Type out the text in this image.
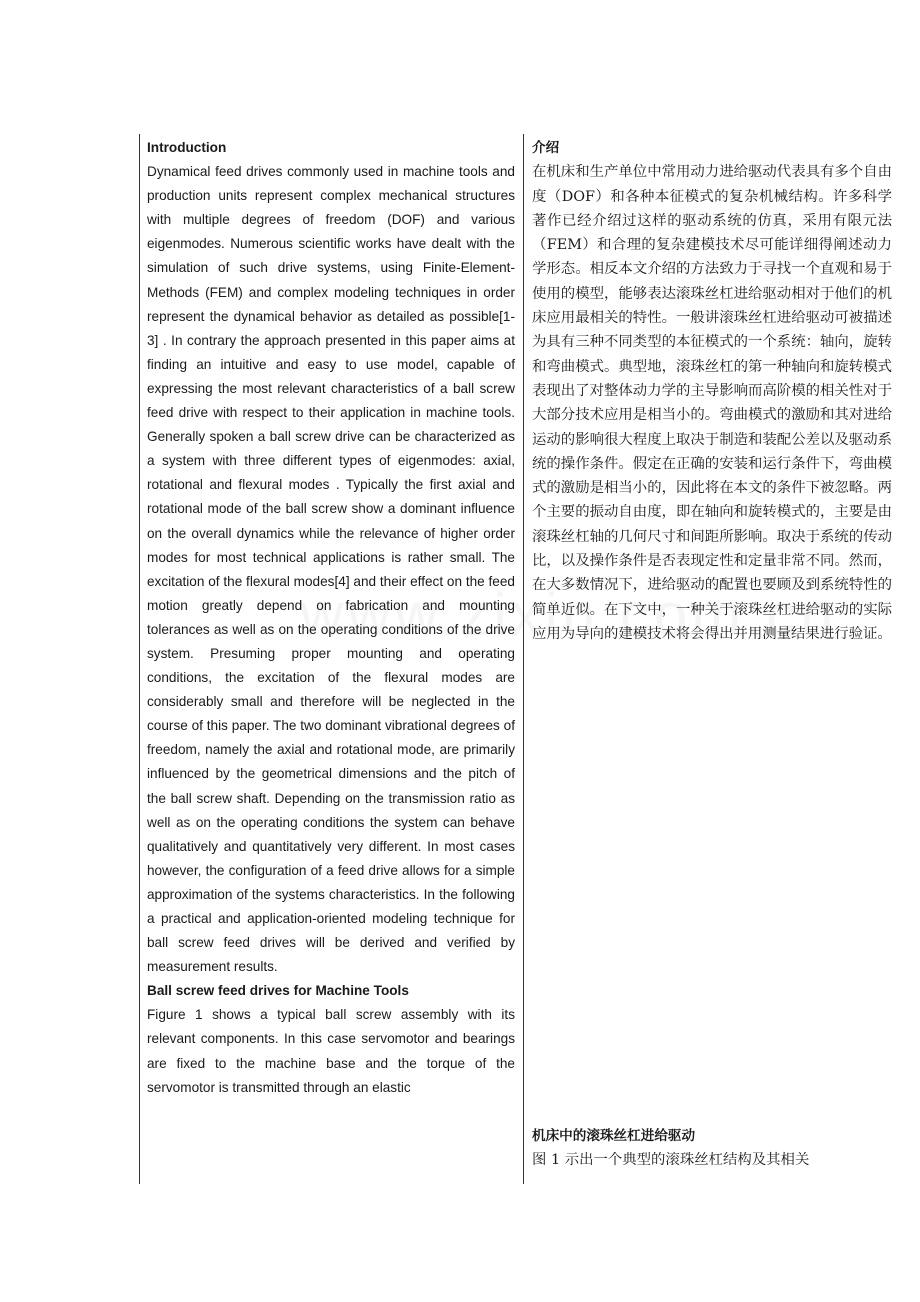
Introduction

Dynamical feed drives commonly used in machine tools and production units represent complex mechanical structures with multiple degrees of freedom (DOF) and various eigenmodes. Numerous scientific works have dealt with the simulation of such drive systems, using Finite-Element-Methods (FEM) and complex modeling techniques in order represent the dynamical behavior as detailed as possible[1-3] . In contrary the approach presented in this paper aims at finding an intuitive and easy to use model, capable of expressing the most relevant characteristics of a ball screw feed drive with respect to their application in machine tools. Generally spoken a ball screw drive can be characterized as a system with three different types of eigenmodes: axial, rotational and flexural modes . Typically the first axial and rotational mode of the ball screw show a dominant influence on the overall dynamics while the relevance of higher order modes for most technical applications is rather small. The excitation of the flexural modes[4] and their effect on the feed motion greatly depend on fabrication and mounting tolerances as well as on the operating conditions of the drive system. Presuming proper mounting and operating conditions, the excitation of the flexural modes are considerably small and therefore will be neglected in the course of this paper. The two dominant vibrational degrees of freedom, namely the axial and rotational mode, are primarily influenced by the geometrical dimensions and the pitch of the ball screw shaft. Depending on the transmission ratio as well as on the operating conditions the system can behave qualitatively and quantitatively very different. In most cases however, the configuration of a feed drive allows for a simple approximation of the systems characteristics. In the following a practical and application-oriented modeling technique for ball screw feed drives will be derived and verified by measurement results.

Ball screw feed drives for Machine Tools

Figure 1 shows a typical ball screw assembly with its relevant components. In this case servomotor and bearings are fixed to the machine base and the torque of the servomotor is transmitted through an elastic

介绍

在机床和生产单位中常用动力进给驱动代表具有多个自由度（DOF）和各种本征模式的复杂机械结构。许多科学著作已经介绍过这样的驱动系统的仿真，采用有限元法（FEM）和合理的复杂建模技术尽可能详细得阐述动力学形态。相反本文介绍的方法致力于寻找一个直观和易于使用的模型，能够表达滚珠丝杠进给驱动相对于他们的机床应用最相关的特性。一般讲滚珠丝杠进给驱动可被描述为具有三种不同类型的本征模式的一个系统：轴向，旋转和弯曲模式。典型地，滚珠丝杠的第一种轴向和旋转模式表现出了对整体动力学的主导影响而高阶模的相关性对于大部分技术应用是相当小的。弯曲模式的激励和其对进给运动的影响很大程度上取决于制造和装配公差以及驱动系统的操作条件。假定在正确的安装和运行条件下，弯曲模式的激励是相当小的，因此将在本文的条件下被忽略。两个主要的振动自由度，即在轴向和旋转模式的，主要是由滚珠丝杠轴的几何尺寸和间距所影响。取决于系统的传动比，以及操作条件是否表现定性和定量非常不同。然而，在大多数情况下，进给驱动的配置也要顾及到系统特性的简单近似。在下文中，一种关于滚珠丝杠进给驱动的实际应用为导向的建模技术将会得出并用测量结果进行验证。

机床中的滚珠丝杠进给驱动

图 1 示出一个典型的滚珠丝杠结构及其相关
